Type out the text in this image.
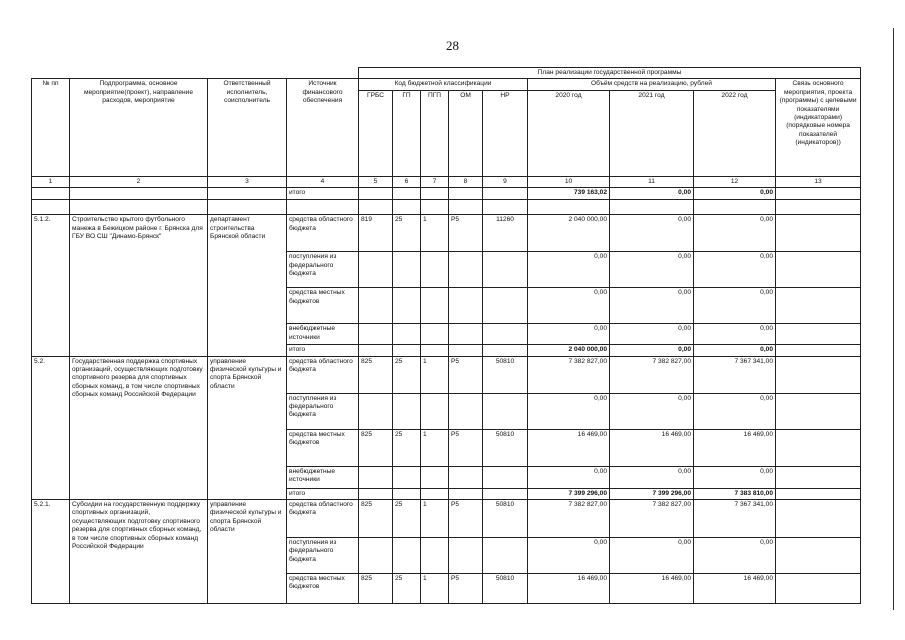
28
				План реализации государственной программы								
№ пп	Подпрограмма, основное мероприятие(проект), направление расходов, мероприятие	Ответственный исполнитель, соисполнитель	Источник финансового обеспечения	Код бюджетной классификации					Объём средств на реализацию, рублей			Связь основного мероприятия, проекта (программы) с целевыми показателями (индикаторами) (порядковые номера показателей (индикаторов))
				ГРБС	ГП	ПГП	ОМ	НР	2020 год	2021 год	2022 год	
1	2	3	4	5	6	7	8	9	10	11	12	13
			итого						739 163,02	0,00	0,00	

5.1.2.	Строительство крытого футбольного манежа в Бежицком районе г. Брянска для ГБУ ВО СШ "Динамо-Брянск"	департамент строительства Брянской области	средства областного бюджета	819	25	1	Р5	11260	2 040 000,00	0,00	0,00	
			поступления из федерального бюджета						0,00	0,00	0,00	
			средства местных бюджетов						0,00	0,00	0,00	
			внебюджетные источники						0,00	0,00	0,00	
			итого						2 040 000,00	0,00	0,00	
5.2.	Государственная поддержка спортивных организаций, осуществляющих подготовку спортивного резерва для спортивных сборных команд, в том числе спортивных сборных команд Российской Федерации	управление физической культуры и спорта Брянской области	средства областного бюджета	825	25	1	Р5	50810	7 382 827,00	7 382 827,00	7 367 341,00	
			поступления из федерального бюджета						0,00	0,00	0,00	
			средства местных бюджетов	825	25	1	Р5	50810	16 469,00	16 469,00	16 469,00	
			внебюджетные источники						0,00	0,00	0,00	
			итого						7 399 296,00	7 399 296,00	7 383 810,00	
5.2.1.	Субсидии на государственную поддержку спортивных организаций, осуществляющих подготовку спортивного резерва для спортивных сборных команд, в том числе спортивных сборных команд Российской Федерации	управление физической культуры и спорта Брянской области	средства областного бюджета	825	25	1	Р5	50810	7 382 827,00	7 382 827,00	7 367 341,00	
			поступления из федерального бюджета						0,00	0,00	0,00	
			средства местных бюджетов	825	25	1	Р5	50810	16 469,00	16 469,00	16 469,00	
